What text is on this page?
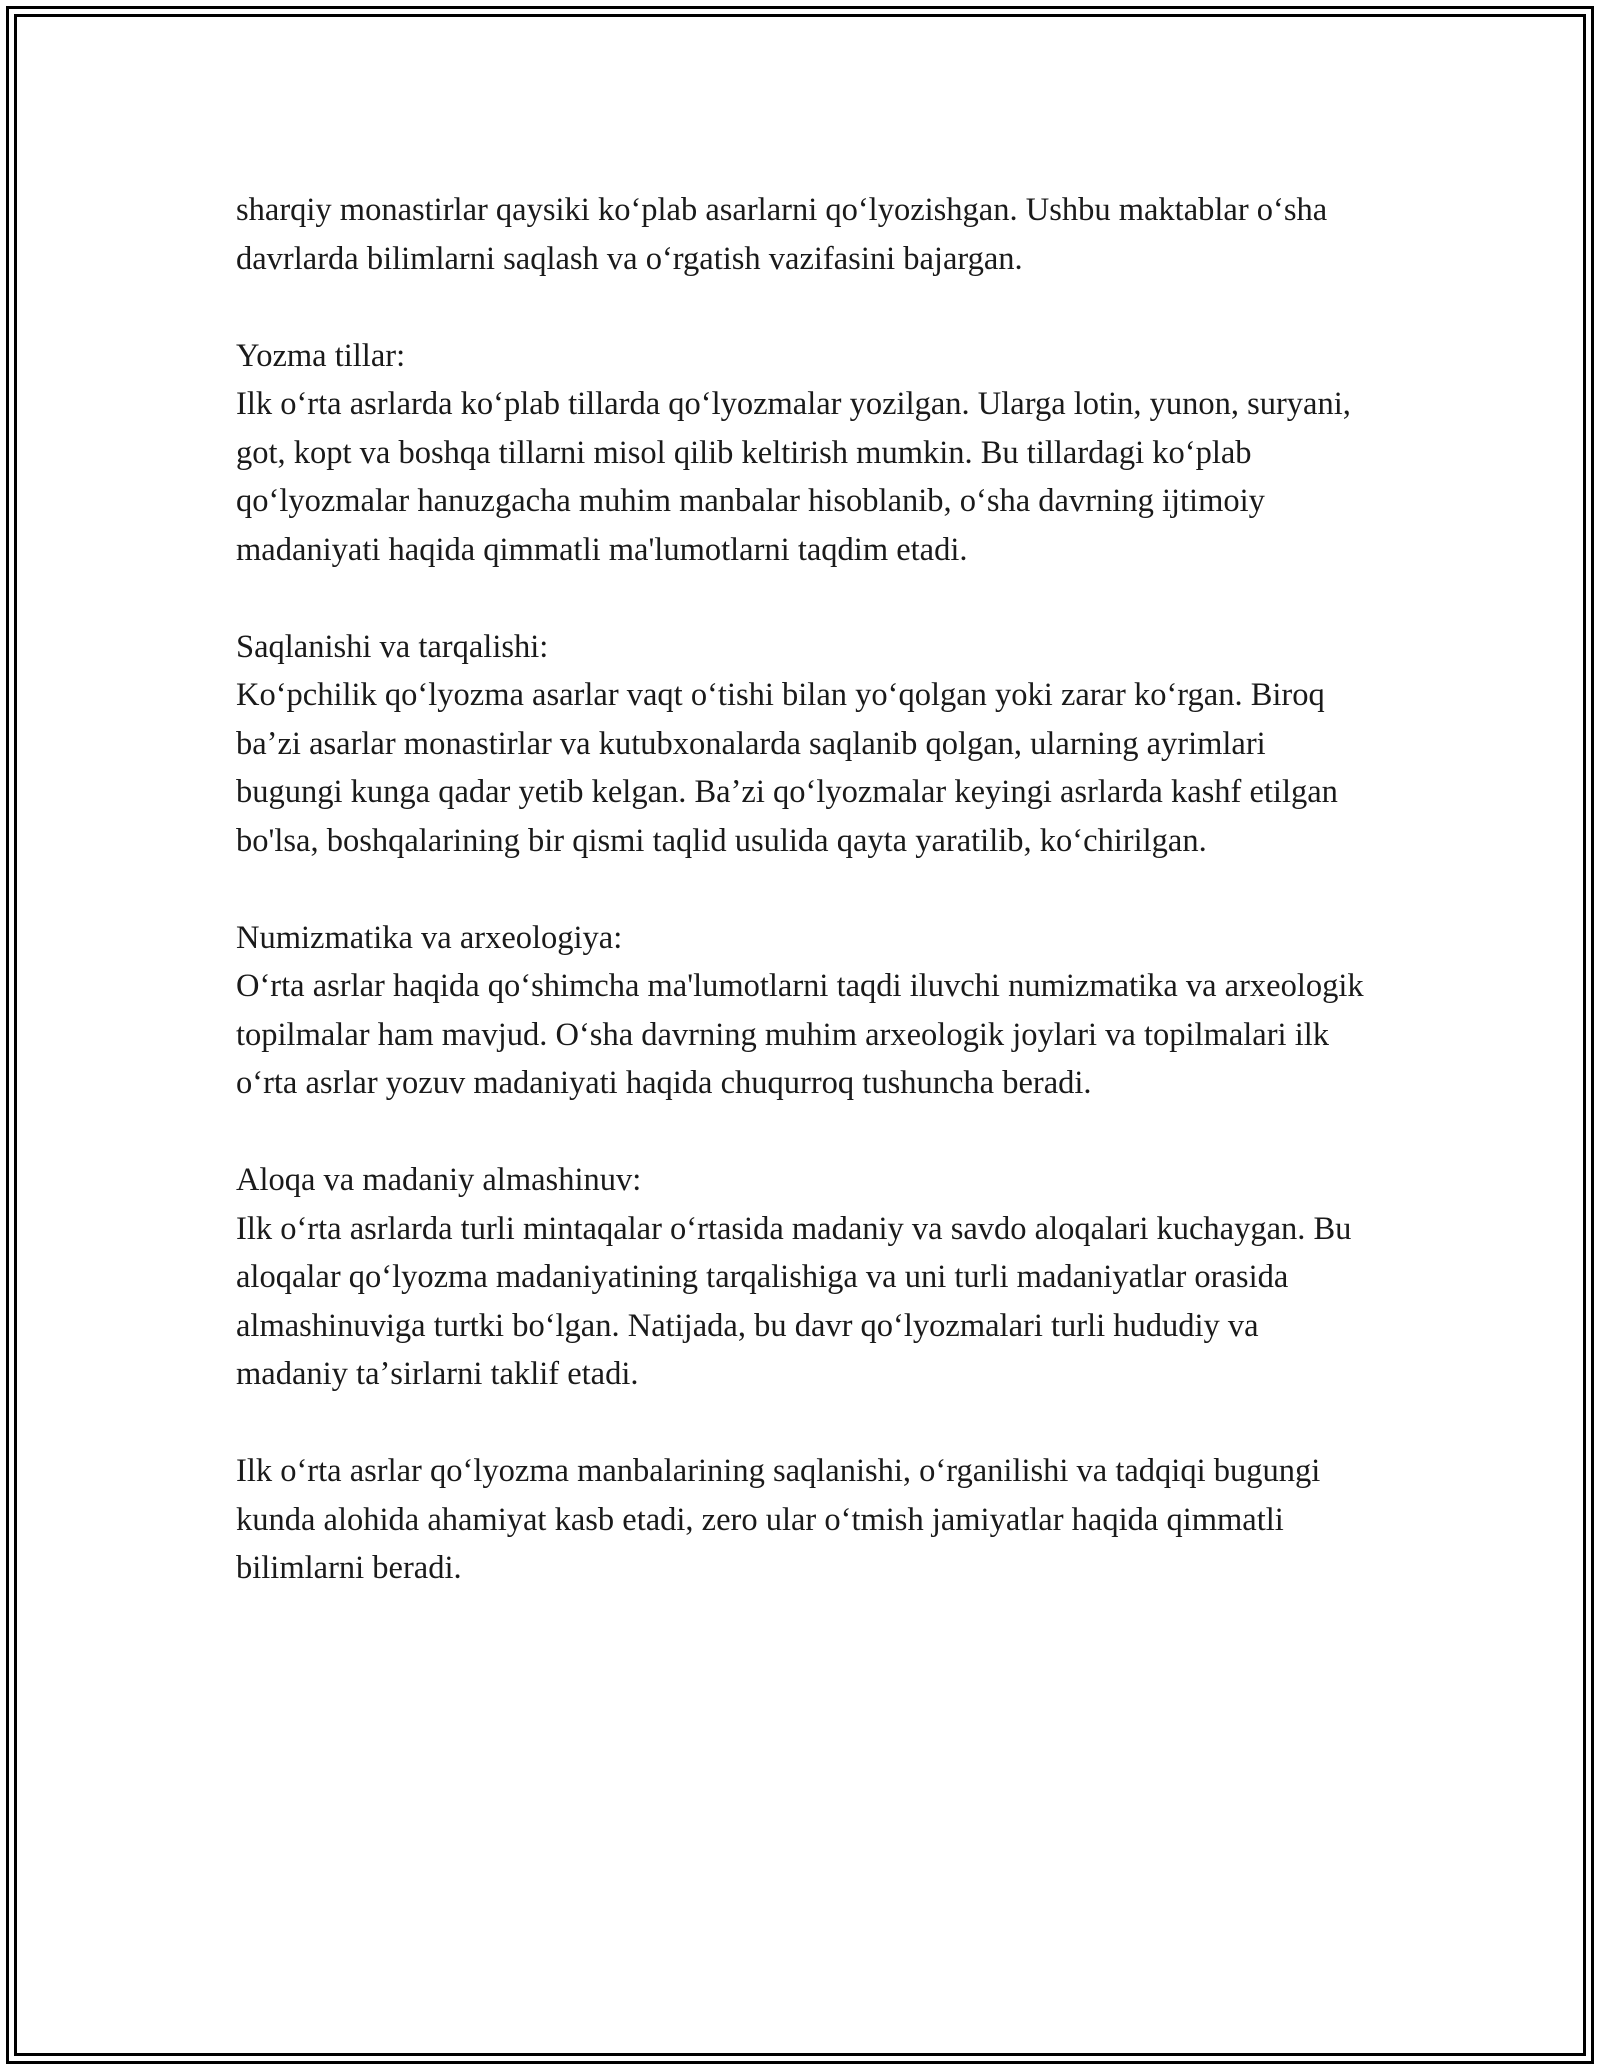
sharqiy monastirlar qaysiki koʻplab asarlarni qoʻlyozishgan. Ushbu maktablar oʻsha davrlarda bilimlarni saqlash va oʻrgatish vazifasini bajargan.

Yozma tillar:
Ilk oʻrta asrlarda koʻplab tillarda qoʻlyozmalar yozilgan. Ularga lotin, yunon, suryani, got, kopt va boshqa tillarni misol qilib keltirish mumkin. Bu tillardagi koʻplab qoʻlyozmalar hanuzgacha muhim manbalar hisoblanib, oʻsha davrning ijtimoiy madaniyati haqida qimmatli ma'lumotlarni taqdim etadi.

Saqlanishi va tarqalishi:
Koʻpchilik qoʻlyozma asarlar vaqt oʻtishi bilan yoʻqolgan yoki zarar koʻrgan. Biroq baʼzi asarlar monastirlar va kutubxonalarda saqlanib qolgan, ularning ayrimlari bugungi kunga qadar yetib kelgan. Baʼzi qoʻlyozmalar keyingi asrlarda kashf etilgan bo'lsa, boshqalarining bir qismi taqlid usulida qayta yaratilib, koʻchirilgan.

Numizmatika va arxeologiya:
Oʻrta asrlar haqida qoʻshimcha ma'lumotlarni taqdi iluvchi numizmatika va arxeologik topilmalar ham mavjud. Oʻsha davrning muhim arxeologik joylari va topilmalari ilk oʻrta asrlar yozuv madaniyati haqida chuqurroq tushuncha beradi.

Aloqa va madaniy almashinuv:
Ilk oʻrta asrlarda turli mintaqalar oʻrtasida madaniy va savdo aloqalari kuchaygan. Bu aloqalar qoʻlyozma madaniyatining tarqalishiga va uni turli madaniyatlar orasida almashinuviga turtki boʻlgan. Natijada, bu davr qoʻlyozmalari turli hududiy va madaniy taʼsirlarni taklif etadi.

Ilk oʻrta asrlar qoʻlyozma manbalarining saqlanishi, oʻrganilishi va tadqiqi bugungi kunda alohida ahamiyat kasb etadi, zero ular oʻtmish jamiyatlar haqida qimmatli bilimlarni beradi.
